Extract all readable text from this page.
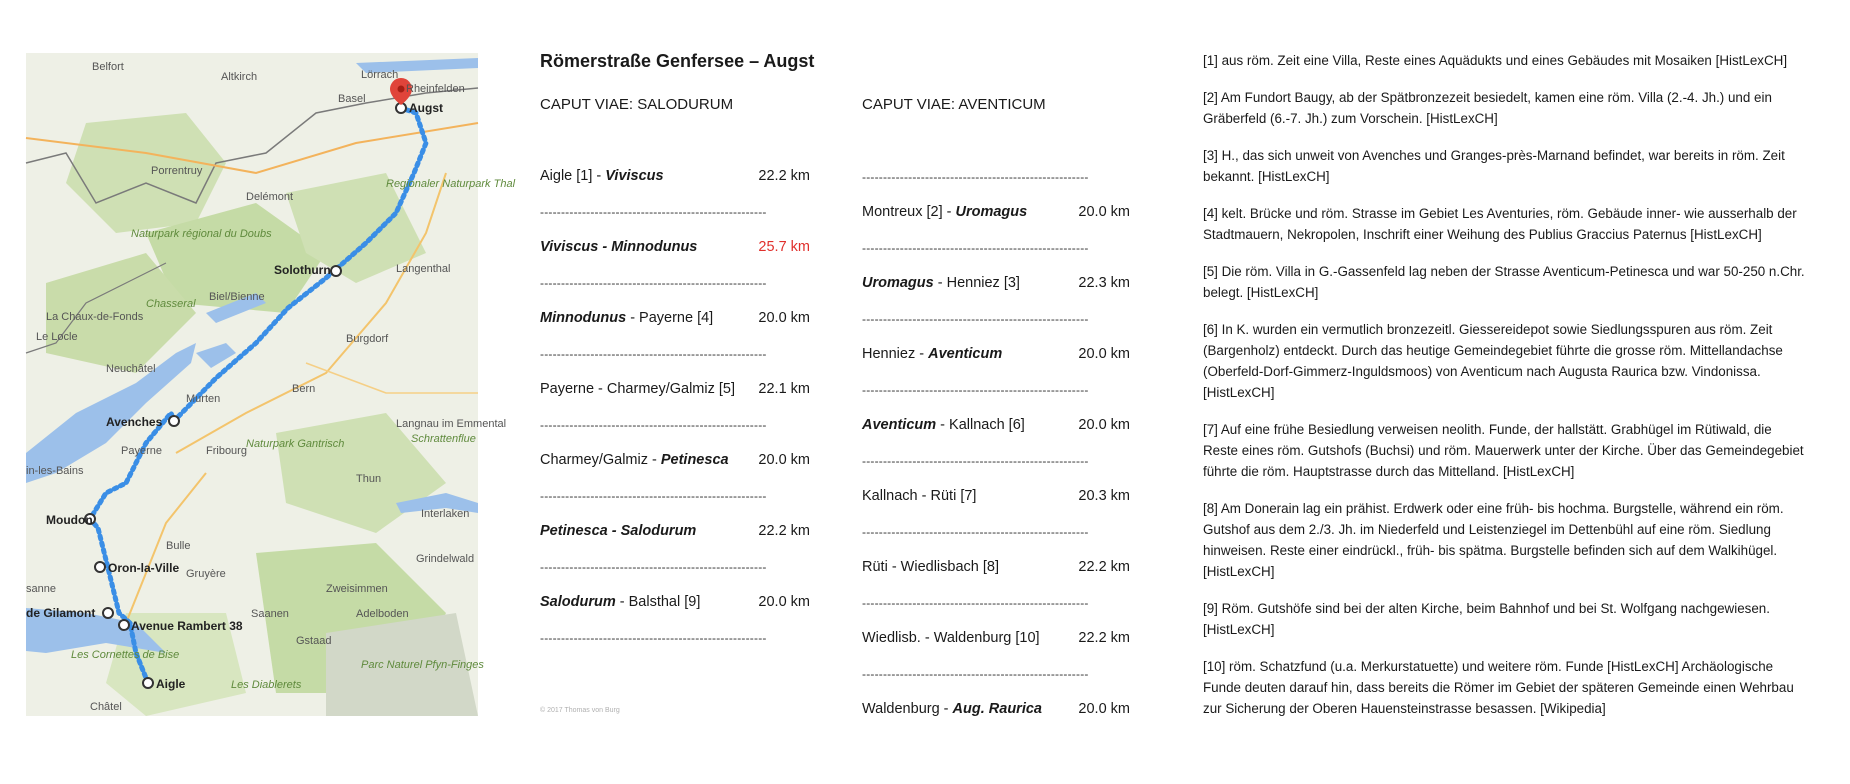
Belfort
Altkirch	Lörrach
Rheinfelden
Basel
Augst
Porrentruy
Delémont
Regionaler Naturpark Thal
Naturpark régional du Doubs
Solothurn
La Chaux-de-Fonds
Le Locle
Chasseral
Biel/Bienne
Langenthal
Neuchâtel
Burgdorf
Bern
Avenches
Murten
Fribourg
Naturpark Gantrisch
Payerne
Thun
Langnau im Emmental
Schrattenflue
Moudon
Oron-la-Ville
Interlaken
Bulle
Gruyère
Zweisimmen
Adelboden
de Gilamont
Avenue Rambert 38
Saanen
Les Cornettes de Bise
Aigle	Les Diablerets
Parc Naturel Pfyn-Finges
Gstaad
Châtel
in-les-Bains
sanne
Grindelwald
Römerstraße Genfersee – Augst
CAPUT VIAE: SALODURUM
Aigle [1] - Viviscus	22.2 km
------------------------------------------------------
Viviscus - Minnodunus	25.7 km
------------------------------------------------------
Minnodunus - Payerne [4]	20.0 km
------------------------------------------------------
Payerne - Charmey/Galmiz [5]	22.1 km
------------------------------------------------------
Charmey/Galmiz - Petinesca	20.0 km
------------------------------------------------------
Petinesca - Salodurum	22.2 km
------------------------------------------------------
Salodurum - Balsthal [9]	20.0 km
------------------------------------------------------
© 2017 Thomas von Burg
CAPUT VIAE: AVENTICUM
------------------------------------------------------
Montreux [2] - Uromagus	20.0 km
------------------------------------------------------
Uromagus - Henniez [3]	22.3 km
------------------------------------------------------
Henniez - Aventicum	20.0 km
------------------------------------------------------
Aventicum - Kallnach [6]	20.0 km
------------------------------------------------------
Kallnach - Rüti [7]	20.3 km
------------------------------------------------------
Rüti - Wiedlisbach [8]	22.2 km
------------------------------------------------------
Wiedlisb. - Waldenburg [10]	22.2 km
------------------------------------------------------
Waldenburg - Aug. Raurica	20.0 km
[1] aus röm. Zeit eine Villa, Reste eines Aquädukts und eines Gebäudes mit Mosaiken [HistLexCH]
[2] Am Fundort Baugy, ab der Spätbronzezeit besiedelt, kamen eine röm. Villa (2.-4. Jh.) und ein
Gräberfeld (6.-7. Jh.) zum Vorschein. [HistLexCH]
[3] H., das sich unweit von Avenches und Granges-près-Marnand befindet, war bereits in röm. Zeit
bekannt. [HistLexCH]
[4] kelt. Brücke und röm. Strasse im Gebiet Les Aventuries, röm. Gebäude inner- wie ausserhalb der
Stadtmauern, Nekropolen, Inschrift einer Weihung des Publius Graccius Paternus [HistLexCH]
[5] Die röm. Villa in G.-Gassenfeld lag neben der Strasse Aventicum-Petinesca und war 50-250 n.Chr.
belegt. [HistLexCH]
[6] In K. wurden ein vermutlich bronzezeitl. Giessereidepot sowie Siedlungsspuren aus röm. Zeit
(Bargenholz) entdeckt. Durch das heutige Gemeindegebiet führte die grosse röm. Mittellandachse
(Oberfeld-Dorf-Gimmerz-Inguldsmoos) von Aventicum nach Augusta Raurica bzw. Vindonissa.
[HistLexCH]
[7] Auf eine frühe Besiedlung verweisen neolith. Funde, der hallstätt. Grabhügel im Rütiwald, die
Reste eines röm. Gutshofs (Buchsi) und röm. Mauerwerk unter der Kirche. Über das Gemeindegebiet
führte die röm. Hauptstrasse durch das Mittelland. [HistLexCH]
[8] Am Donerain lag ein prähist. Erdwerk oder eine früh- bis hochma. Burgstelle, während ein röm.
Gutshof aus dem 2./3. Jh. im Niederfeld und Leistenziegel im Dettenbühl auf eine röm. Siedlung
hinweisen. Reste einer eindrückl., früh- bis spätma. Burgstelle befinden sich auf dem Walkihügel.
[HistLexCH]
[9] Röm. Gutshöfe sind bei der alten Kirche, beim Bahnhof und bei St. Wolfgang nachgewiesen.
[HistLexCH]
[10] röm. Schatzfund (u.a. Merkurstatuette) und weitere röm. Funde [HistLexCH] Archäologische
Funde deuten darauf hin, dass bereits die Römer im Gebiet der späteren Gemeinde einen Wehrbau
zur Sicherung der Oberen Hauensteinstrasse besassen. [Wikipedia]
